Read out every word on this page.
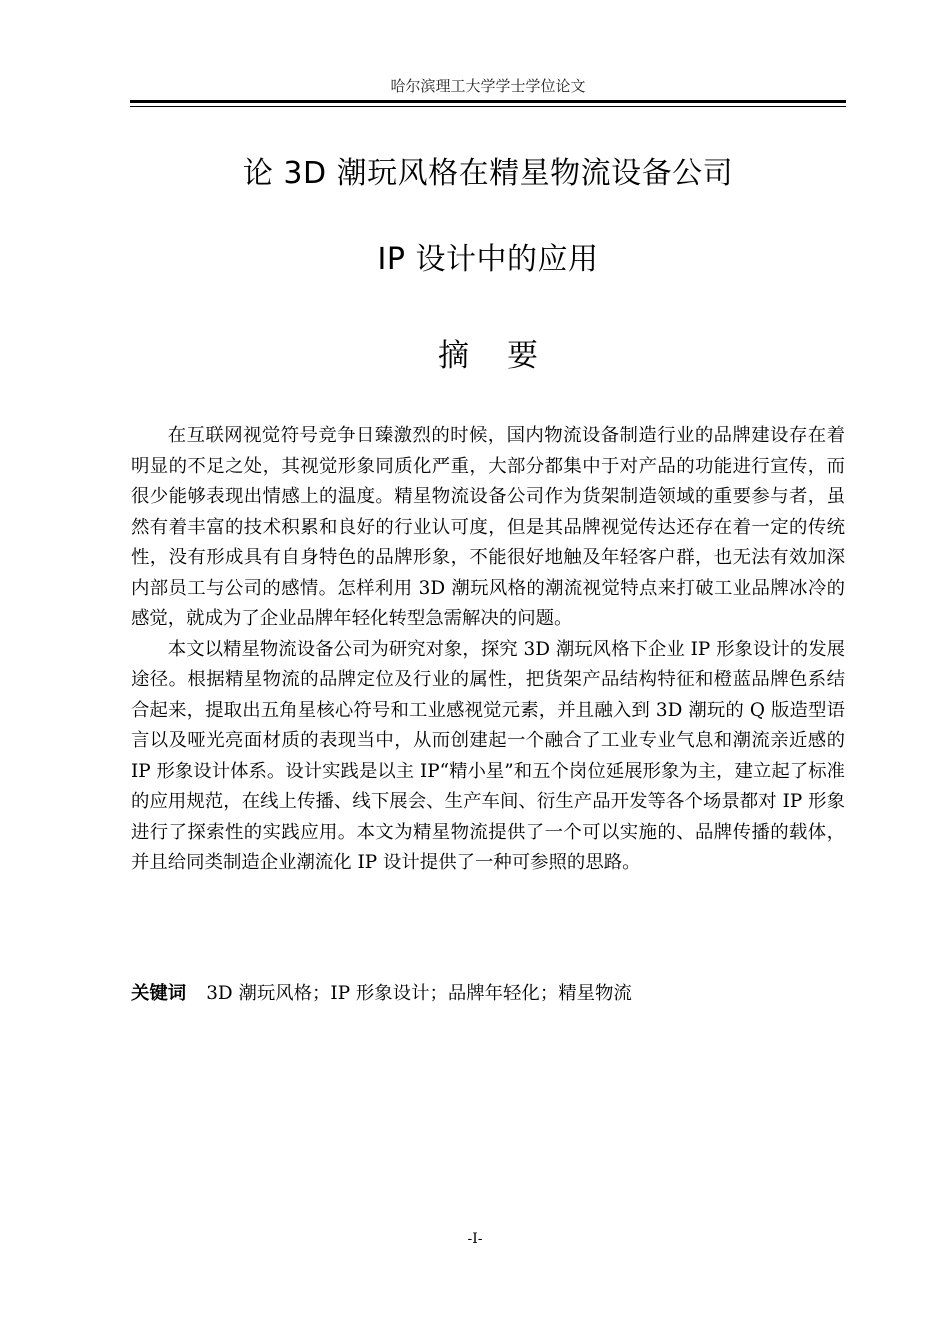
哈尔滨理工大学学士学位论文
论 3D 潮玩风格在精星物流设备公司
IP 设计中的应用
摘要

在互联网视觉符号竞争日臻激烈的时候，国内物流设备制造行业的品牌建设存在着明显的不足之处，其视觉形象同质化严重，大部分都集中于对产品的功能进行宣传，而很少能够表现出情感上的温度。精星物流设备公司作为货架制造领域的重要参与者，虽然有着丰富的技术积累和良好的行业认可度，但是其品牌视觉传达还存在着一定的传统性，没有形成具有自身特色的品牌形象，不能很好地触及年轻客户群，也无法有效加深内部员工与公司的感情。怎样利用 3D 潮玩风格的潮流视觉特点来打破工业品牌冰冷的感觉，就成为了企业品牌年轻化转型急需解决的问题。

本文以精星物流设备公司为研究对象，探究 3D 潮玩风格下企业 IP 形象设计的发展途径。根据精星物流的品牌定位及行业的属性，把货架产品结构特征和橙蓝品牌色系结合起来，提取出五角星核心符号和工业感视觉元素，并且融入到 3D 潮玩的 Q 版造型语言以及哑光亮面材质的表现当中，从而创建起一个融合了工业专业气息和潮流亲近感的 IP 形象设计体系。设计实践是以主 IP“精小星”和五个岗位延展形象为主，建立起了标准的应用规范，在线上传播、线下展会、生产车间、衍生产品开发等各个场景都对 IP 形象进行了探索性的实践应用。本文为精星物流提供了一个可以实施的、品牌传播的载体，并且给同类制造企业潮流化 IP 设计提供了一种可参照的思路。

关键词 3D 潮玩风格；IP 形象设计；品牌年轻化；精星物流
-I-
